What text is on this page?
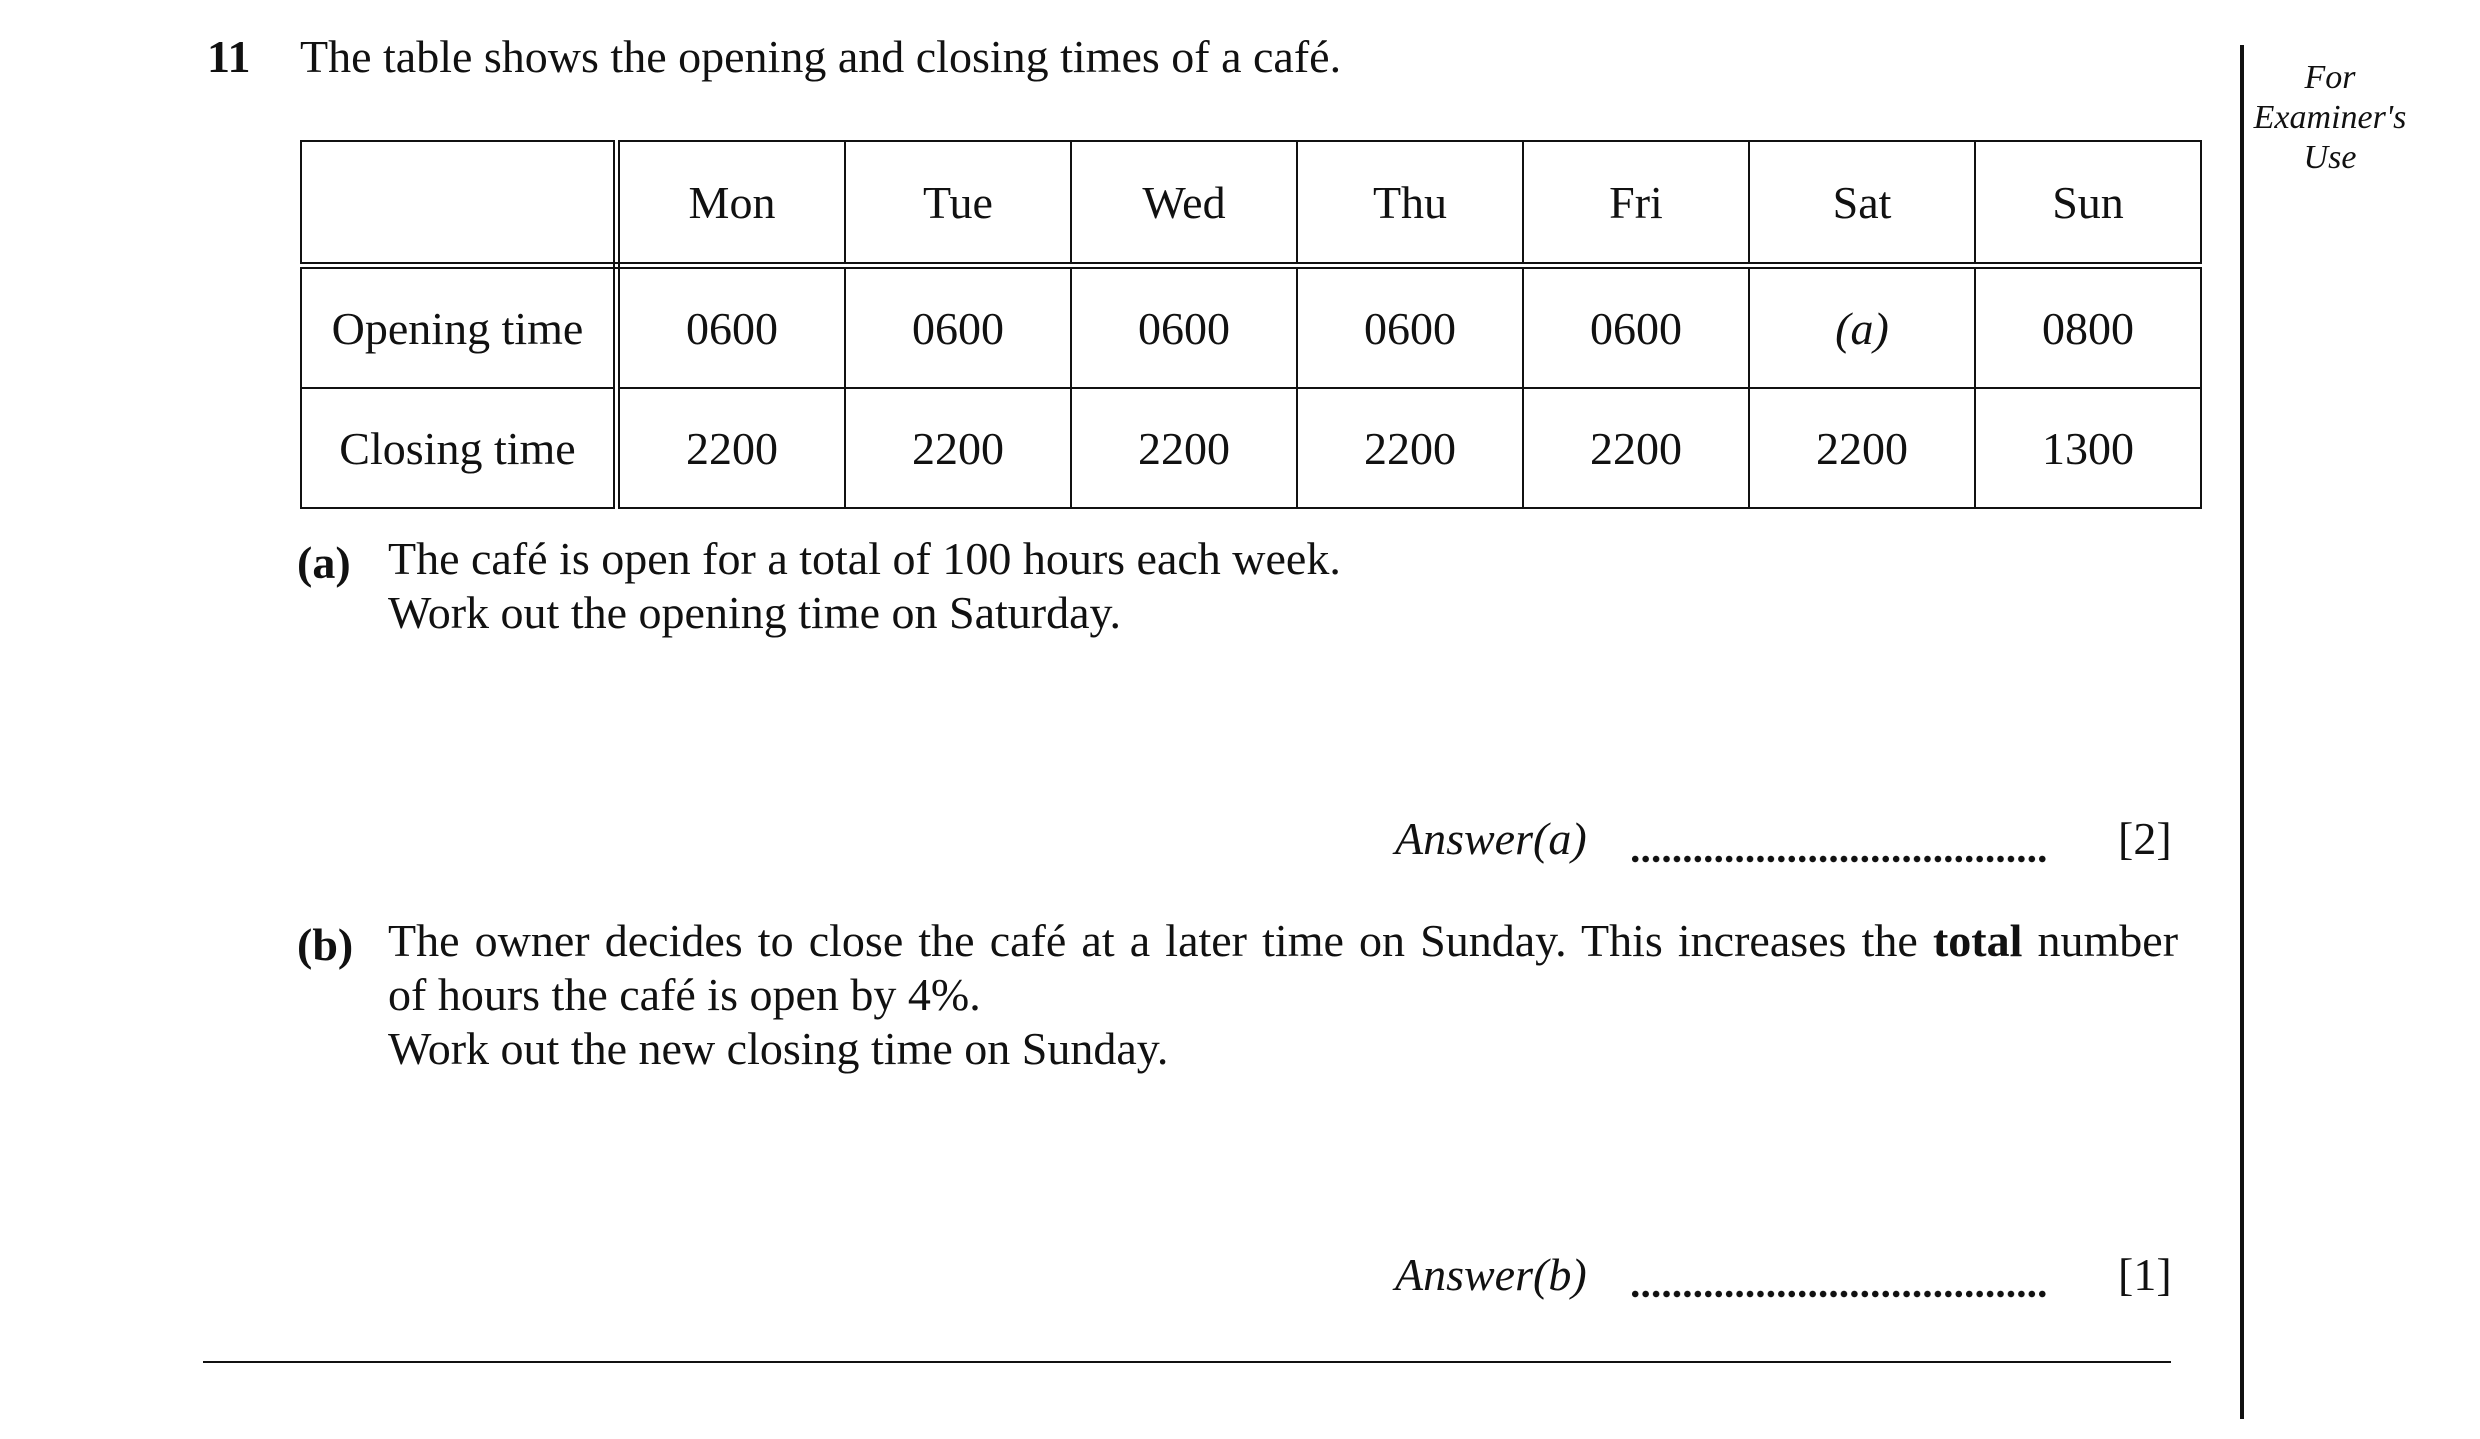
11 The table shows the opening and closing times of a café.	For
Examiner's
Use
	Mon	Tue	Wed	Thu	Fri	Sat	Sun
Opening time	0600	0600	0600	0600	0600	(a)	0800
Closing time	2200	2200	2200	2200	2200	2200	1300
(a) The café is open for a total of 100 hours each week.
Work out the opening time on Saturday.
Answer(a)	[2]
(b) The owner decides to close the café at a later time on Sunday. This increases the total number
of hours the café is open by 4%.
Work out the new closing time on Sunday.
Answer(b)	[1]
